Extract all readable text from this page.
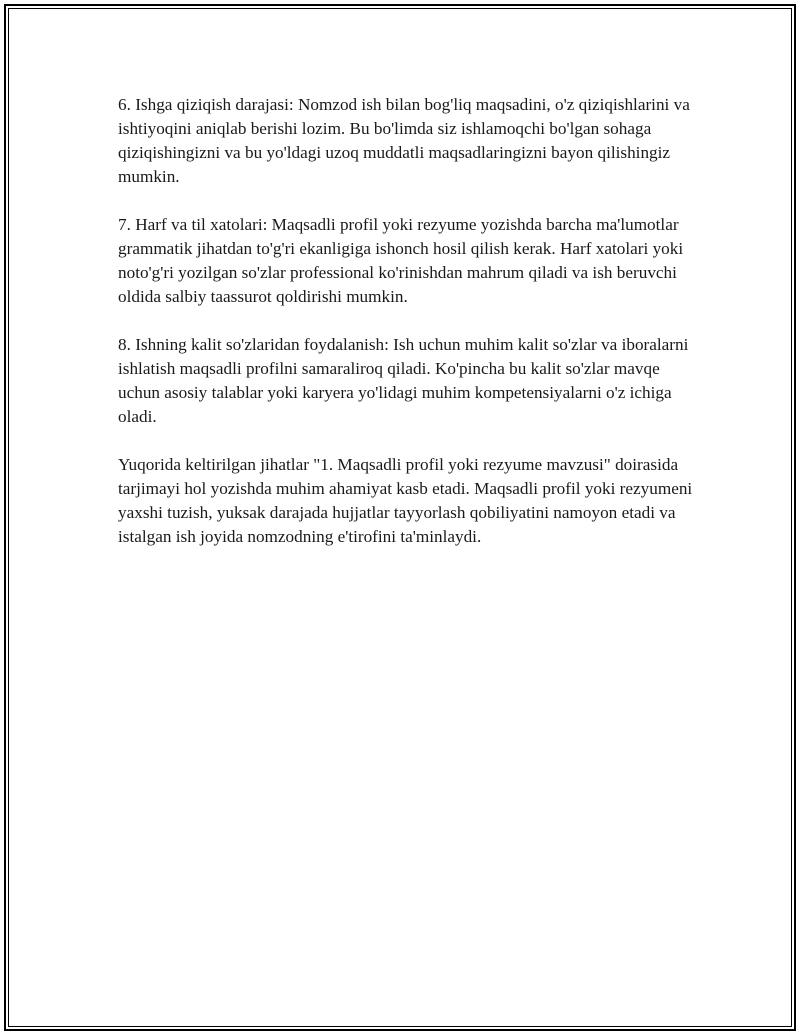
6. Ishga qiziqish darajasi: Nomzod ish bilan bog'liq maqsadini, o'z qiziqishlarini va ishtiyoqini aniqlab berishi lozim. Bu bo'limda siz ishlamoqchi bo'lgan sohaga qiziqishingizni va bu yo'ldagi uzoq muddatli maqsadlaringizni bayon qilishingiz mumkin.

7. Harf va til xatolari: Maqsadli profil yoki rezyume yozishda barcha ma'lumotlar grammatik jihatdan to'g'ri ekanligiga ishonch hosil qilish kerak. Harf xatolari yoki noto'g'ri yozilgan so'zlar professional ko'rinishdan mahrum qiladi va ish beruvchi oldida salbiy taassurot qoldirishi mumkin.

8. Ishning kalit so'zlaridan foydalanish: Ish uchun muhim kalit so'zlar va iboralarni ishlatish maqsadli profilni samaraliroq qiladi. Ko'pincha bu kalit so'zlar mavqe uchun asosiy talablar yoki karyera yo'lidagi muhim kompetensiyalarni o'z ichiga oladi.

Yuqorida keltirilgan jihatlar "1. Maqsadli profil yoki rezyume mavzusi" doirasida tarjimayi hol yozishda muhim ahamiyat kasb etadi. Maqsadli profil yoki rezyumeni yaxshi tuzish, yuksak darajada hujjatlar tayyorlash qobiliyatini namoyon etadi va istalgan ish joyida nomzodning e'tirofini ta'minlaydi.
